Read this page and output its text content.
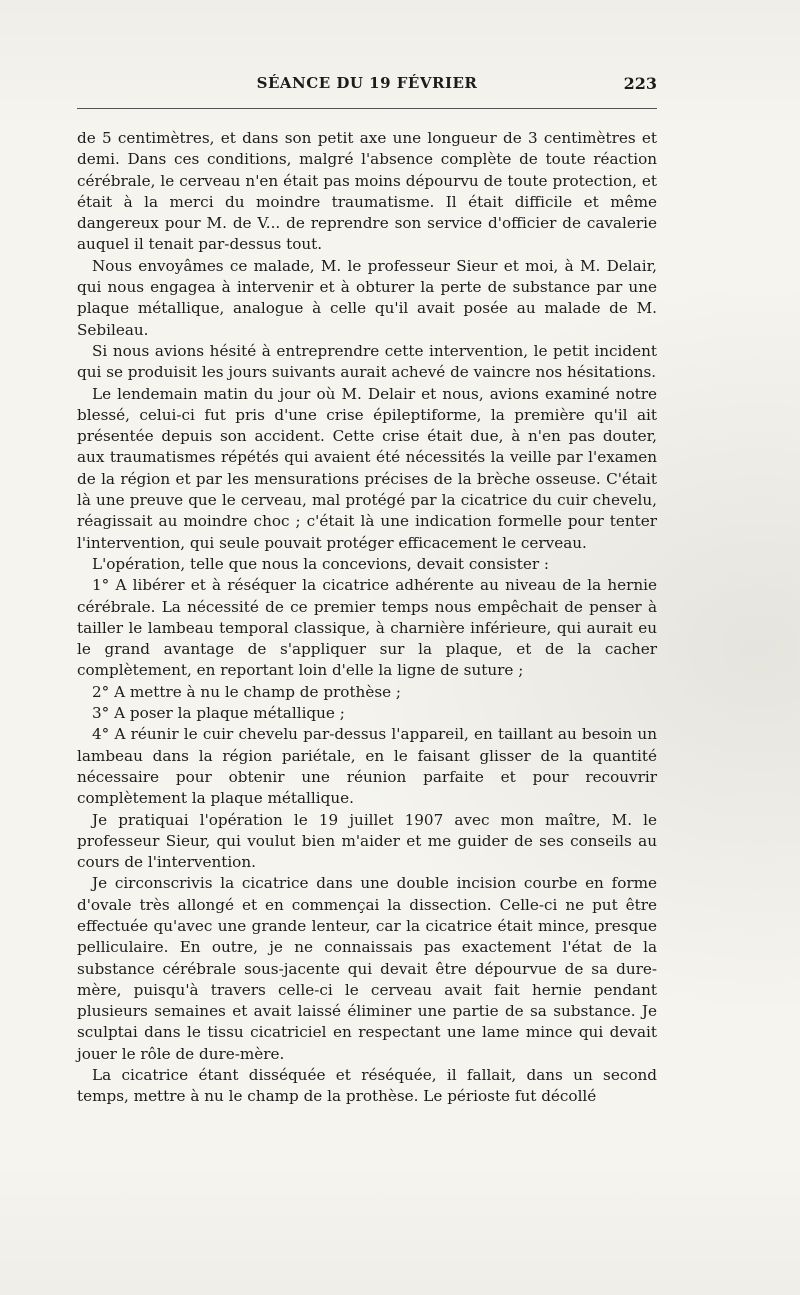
SÉANCE DU 19 FÉVRIER	223

de 5 centimètres, et dans son petit axe une longueur de 3 centimètres et demi. Dans ces conditions, malgré l'absence complète de toute réaction cérébrale, le cerveau n'en était pas moins dépourvu de toute protection, et était à la merci du moindre traumatisme. Il était difficile et même dangereux pour M. de V... de reprendre son service d'officier de cavalerie auquel il tenait par-dessus tout.

Nous envoyâmes ce malade, M. le professeur Sieur et moi, à M. Delair, qui nous engagea à intervenir et à obturer la perte de substance par une plaque métallique, analogue à celle qu'il avait posée au malade de M. Sebileau.

Si nous avions hésité à entreprendre cette intervention, le petit incident qui se produisit les jours suivants aurait achevé de vaincre nos hésitations.

Le lendemain matin du jour où M. Delair et nous, avions examiné notre blessé, celui-ci fut pris d'une crise épileptiforme, la première qu'il ait présentée depuis son accident. Cette crise était due, à n'en pas douter, aux traumatismes répétés qui avaient été nécessités la veille par l'examen de la région et par les mensurations précises de la brèche osseuse. C'était là une preuve que le cerveau, mal protégé par la cicatrice du cuir chevelu, réagissait au moindre choc ; c'était là une indication formelle pour tenter l'intervention, qui seule pouvait protéger efficacement le cerveau.

L'opération, telle que nous la concevions, devait consister :

1° A libérer et à réséquer la cicatrice adhérente au niveau de la hernie cérébrale. La nécessité de ce premier temps nous empêchait de penser à tailler le lambeau temporal classique, à charnière inférieure, qui aurait eu le grand avantage de s'appliquer sur la plaque, et de la cacher complètement, en reportant loin d'elle la ligne de suture ;

2° A mettre à nu le champ de prothèse ;

3° A poser la plaque métallique ;

4° A réunir le cuir chevelu par-dessus l'appareil, en taillant au besoin un lambeau dans la région pariétale, en le faisant glisser de la quantité nécessaire pour obtenir une réunion parfaite et pour recouvrir complètement la plaque métallique.

Je pratiquai l'opération le 19 juillet 1907 avec mon maître, M. le professeur Sieur, qui voulut bien m'aider et me guider de ses conseils au cours de l'intervention.

Je circonscrivis la cicatrice dans une double incision courbe en forme d'ovale très allongé et en commençai la dissection. Celle-ci ne put être effectuée qu'avec une grande lenteur, car la cicatrice était mince, presque pelliculaire. En outre, je ne connaissais pas exactement l'état de la substance cérébrale sous-jacente qui devait être dépourvue de sa dure-mère, puisqu'à travers celle-ci le cerveau avait fait hernie pendant plusieurs semaines et avait laissé éliminer une partie de sa substance. Je sculptai dans le tissu cicatriciel en respectant une lame mince qui devait jouer le rôle de dure-mère.

La cicatrice étant disséquée et réséquée, il fallait, dans un second temps, mettre à nu le champ de la prothèse. Le périoste fut décollé
